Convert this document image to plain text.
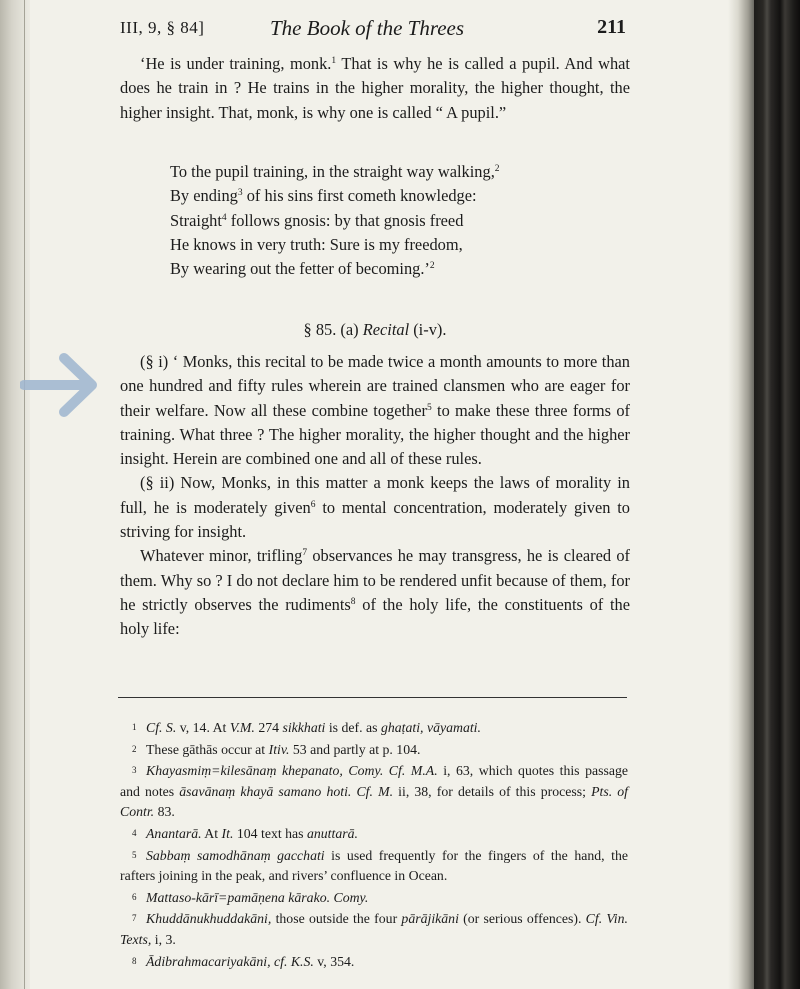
III, 9, § 84]	The Book of the Threes	211

‘He is under training, monk.$^1$ That is why he is called a pupil. And what does he train in ? He trains in the higher morality, the higher thought, the higher insight. That, monk, is why one is called “ A pupil.”

To the pupil training, in the straight way walking,$^2$
By ending$^3$ of his sins first cometh knowledge:
Straight$^4$ follows gnosis: by that gnosis freed
He knows in very truth: Sure is my freedom,
By wearing out the fetter of becoming.’$^2$
§ 85. (a) Recital (i-v).

(§ i) ‘ Monks, this recital to be made twice a month amounts to more than one hundred and fifty rules wherein are trained clansmen who are eager for their welfare. Now all these combine together$^5$ to make these three forms of training. What three ? The higher morality, the higher thought and the higher insight. Herein are combined one and all of these rules.

(§ ii) Now, Monks, in this matter a monk keeps the laws of morality in full, he is moderately given$^6$ to mental concentration, moderately given to striving for insight.

Whatever minor, trifling$^7$ observances he may transgress, he is cleared of them. Why so ? I do not declare him to be rendered unfit because of them, for he strictly observes the rudiments$^8$ of the holy life, the constituents of the holy life:

1 Cf. S. v, 14. At V.M. 274 sikkhati is def. as ghaṭati, vāyamati.
2 These gāthās occur at Itiv. 53 and partly at p. 104.
3 Khayasmiṃ=kilesānaṃ khepanato, Comy. Cf. M.A. i, 63, which quotes this passage and notes āsavānaṃ khayā samano hoti. Cf. M. ii, 38, for details of this process; Pts. of Contr. 83.
4 Anantarā. At It. 104 text has anuttarā.
5 Sabbaṃ samodhānaṃ gacchati is used frequently for the fingers of the hand, the rafters joining in the peak, and rivers’ confluence in Ocean.
6 Mattaso-kārī=pamāṇena kārako. Comy.
7 Khuddānukhuddakāni, those outside the four pārājikāni (or serious offences). Cf. Vin. Texts, i, 3.
8 Ādibrahmacariyakāni, cf. K.S. v, 354.
